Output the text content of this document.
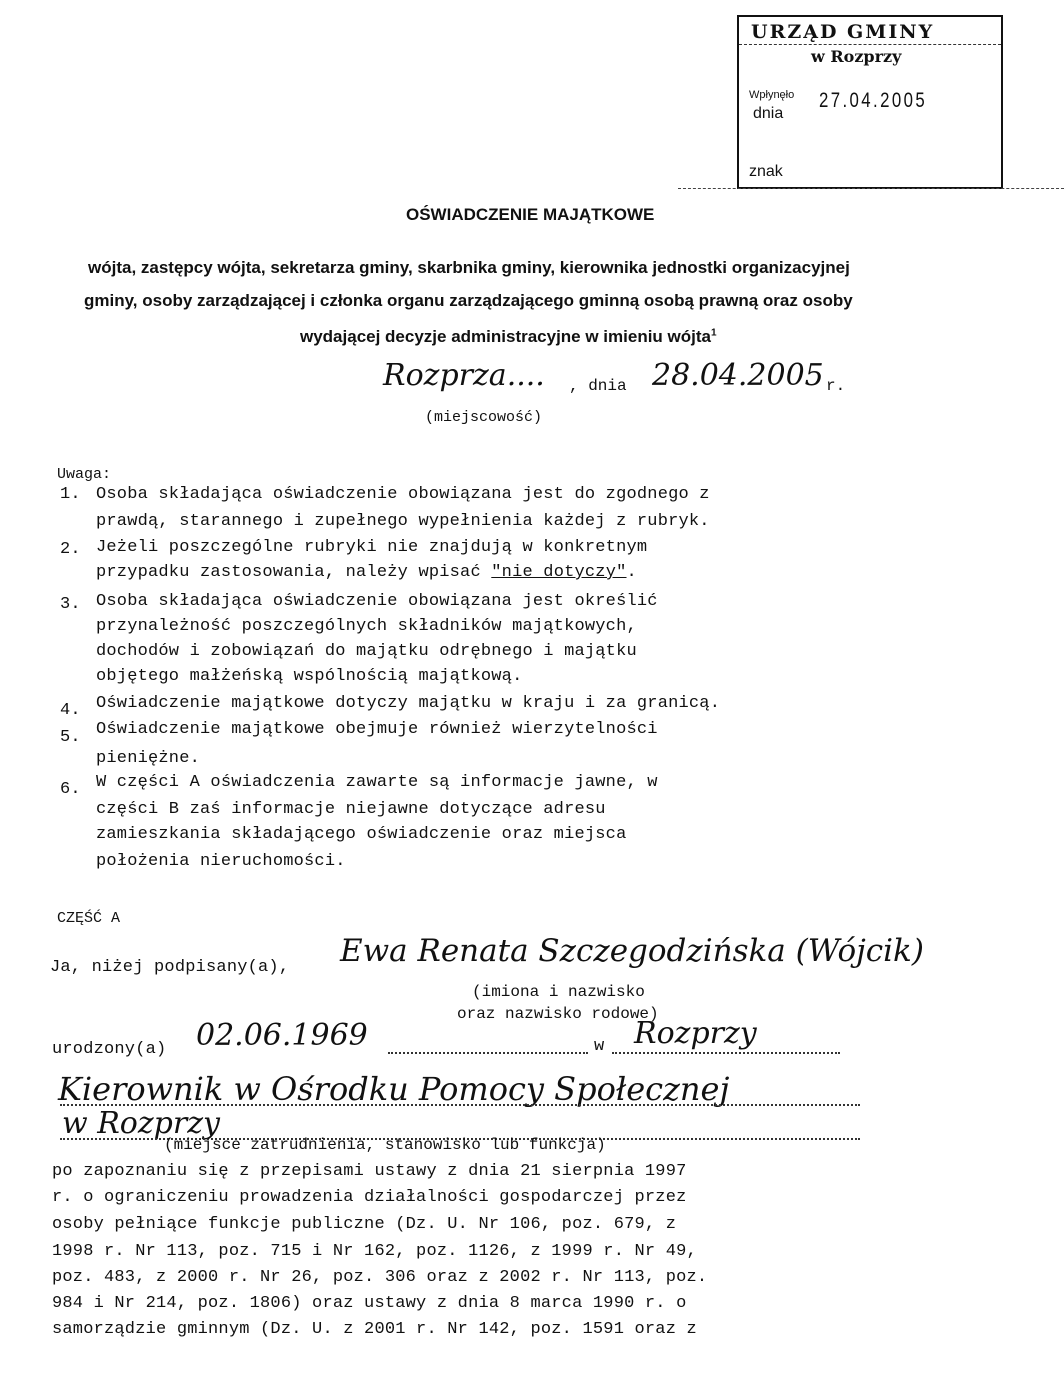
URZĄD GMINY
w Rozprzy
Wpłynęło
dnia
27.04.2005
znak
OŚWIADCZENIE MAJĄTKOWE
wójta, zastępcy wójta, sekretarza gminy, skarbnika gminy, kierownika jednostki organizacyjnej
gminy, osoby zarządzającej i członka organu zarządzającego gminną osobą prawną oraz osoby
wydającej decyzje administracyjne w imieniu wójta$^1$
Rozprza.... , dnia 28.04.2005 r.
(miejscowość)
Uwaga:
1. Osoba składająca oświadczenie obowiązana jest do zgodnego z
prawdą, starannego i zupełnego wypełnienia każdej z rubryk.
2. Jeżeli poszczególne rubryki nie znajdują w konkretnym
przypadku zastosowania, należy wpisać "nie dotyczy".
3. Osoba składająca oświadczenie obowiązana jest określić
przynależność poszczególnych składników majątkowych,
dochodów i zobowiązań do majątku odrębnego i majątku
objętego małżeńską wspólnością majątkową.
4. Oświadczenie majątkowe dotyczy majątku w kraju i za granicą.
5. Oświadczenie majątkowe obejmuje również wierzytelności
pieniężne.
6. W części A oświadczenia zawarte są informacje jawne, w
części B zaś informacje niejawne dotyczące adresu
zamieszkania składającego oświadczenie oraz miejsca
położenia nieruchomości.
CZĘŚĆ A
Ja, niżej podpisany(a), Ewa Renata Szczegodzińska (Wójcik)
(imiona i nazwisko
oraz nazwisko rodowe)
urodzony(a) 02.06.1969	w Rozprzy
Kierownik w Ośrodku Pomocy Społecznej
w Rozprzy
(miejsce zatrudnienia, stanowisko lub funkcja)
po zapoznaniu się z przepisami ustawy z dnia 21 sierpnia 1997
r. o ograniczeniu prowadzenia działalności gospodarczej przez
osoby pełniące funkcje publiczne (Dz. U. Nr 106, poz. 679, z
1998 r. Nr 113, poz. 715 i Nr 162, poz. 1126, z 1999 r. Nr 49,
poz. 483, z 2000 r. Nr 26, poz. 306 oraz z 2002 r. Nr 113, poz.
984 i Nr 214, poz. 1806) oraz ustawy z dnia 8 marca 1990 r. o
samorządzie gminnym (Dz. U. z 2001 r. Nr 142, poz. 1591 oraz z
